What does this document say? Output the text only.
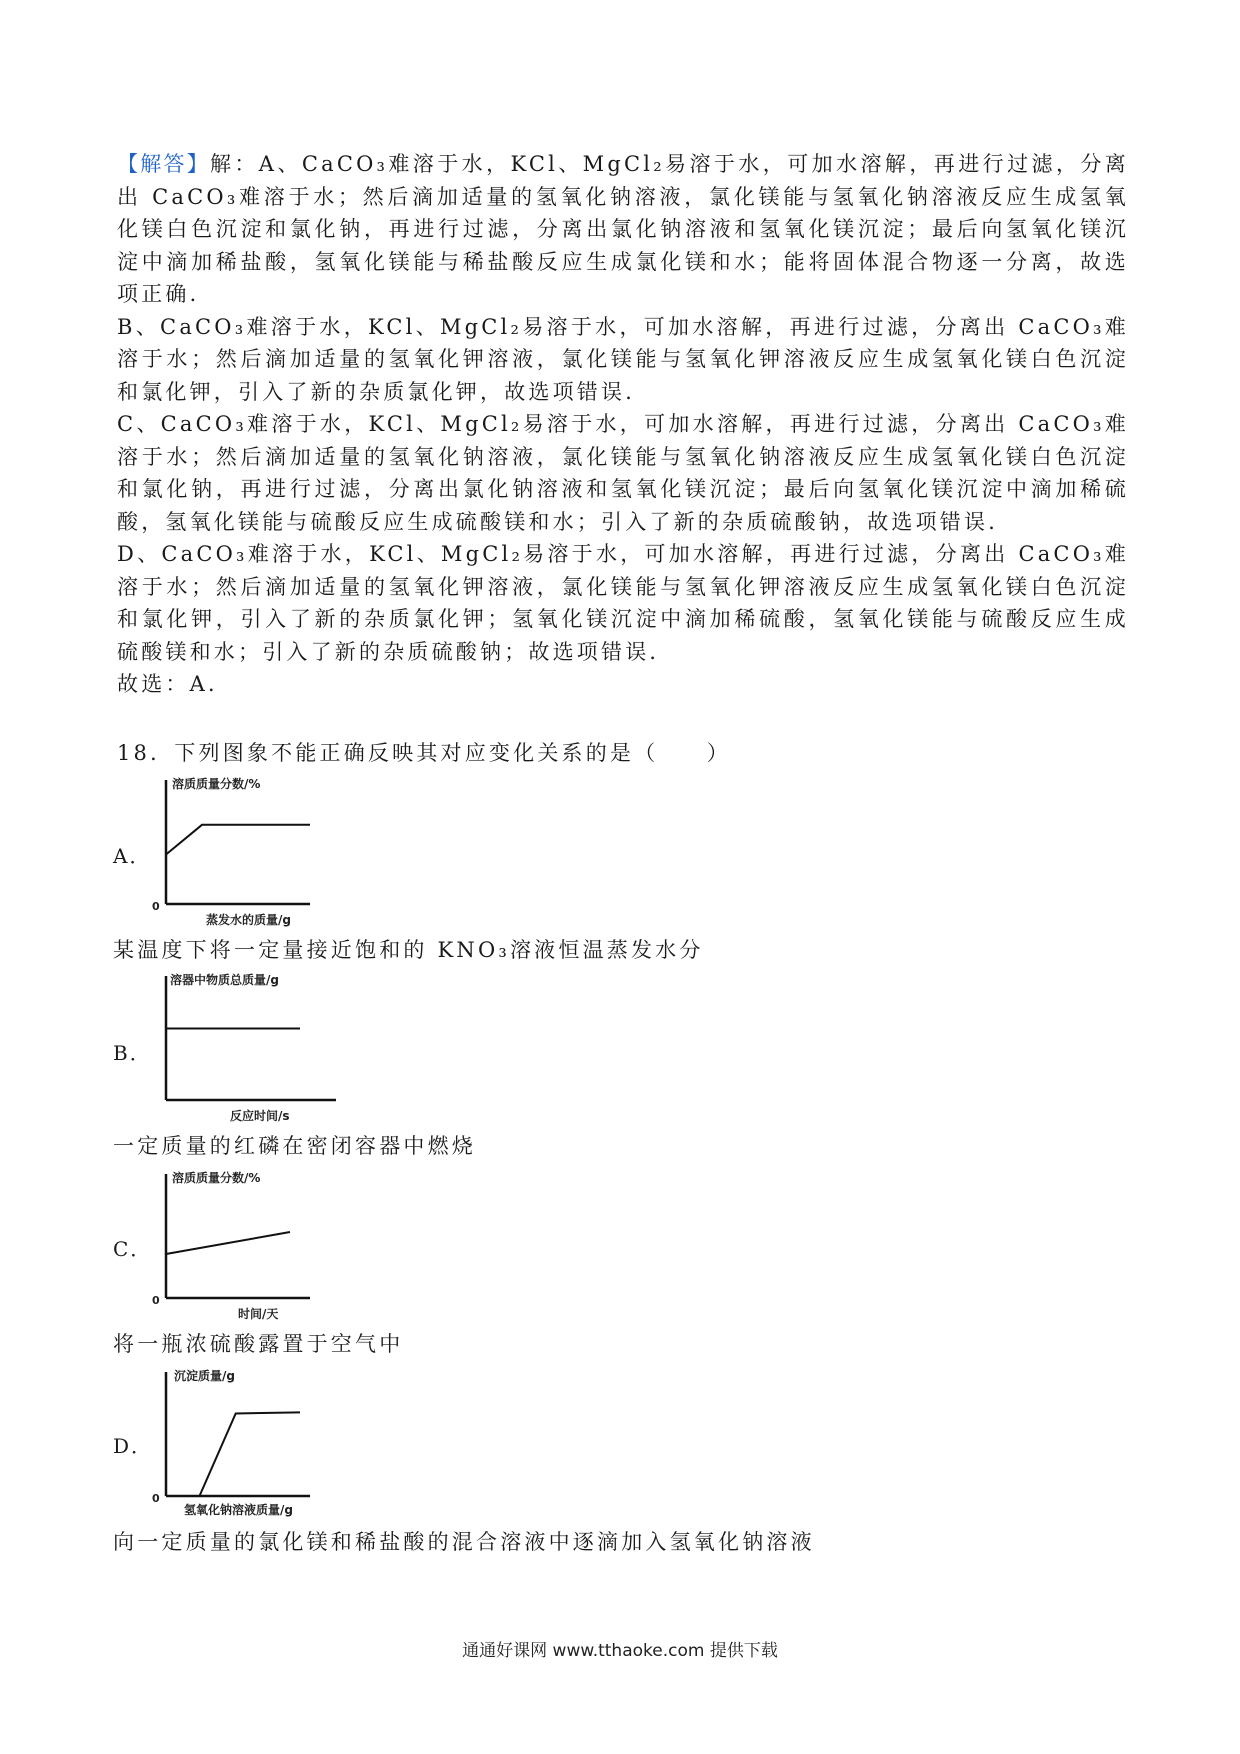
【解答】解：A、CaCO₃难溶于水，KCl、MgCl₂易溶于水，可加水溶解，再进行过滤，分离出 CaCO₃难溶于水；然后滴加适量的氢氧化钠溶液，氯化镁能与氢氧化钠溶液反应生成氢氧化镁白色沉淀和氯化钠，再进行过滤，分离出氯化钠溶液和氢氧化镁沉淀；最后向氢氧化镁沉淀中滴加稀盐酸，氢氧化镁能与稀盐酸反应生成氯化镁和水；能将固体混合物逐一分离，故选项正确．

B、CaCO₃难溶于水，KCl、MgCl₂易溶于水，可加水溶解，再进行过滤，分离出 CaCO₃难溶于水；然后滴加适量的氢氧化钾溶液，氯化镁能与氢氧化钾溶液反应生成氢氧化镁白色沉淀和氯化钾，引入了新的杂质氯化钾，故选项错误．

C、CaCO₃难溶于水，KCl、MgCl₂易溶于水，可加水溶解，再进行过滤，分离出 CaCO₃难溶于水；然后滴加适量的氢氧化钠溶液，氯化镁能与氢氧化钠溶液反应生成氢氧化镁白色沉淀和氯化钠，再进行过滤，分离出氯化钠溶液和氢氧化镁沉淀；最后向氢氧化镁沉淀中滴加稀硫酸，氢氧化镁能与硫酸反应生成硫酸镁和水；引入了新的杂质硫酸钠，故选项错误．

D、CaCO₃难溶于水，KCl、MgCl₂易溶于水，可加水溶解，再进行过滤，分离出 CaCO₃难溶于水；然后滴加适量的氢氧化钾溶液，氯化镁能与氢氧化钾溶液反应生成氢氧化镁白色沉淀和氯化钾，引入了新的杂质氯化钾；氢氧化镁沉淀中滴加稀硫酸，氢氧化镁能与硫酸反应生成硫酸镁和水；引入了新的杂质硫酸钠；故选项错误．

故选：A．

18．下列图象不能正确反映其对应变化关系的是（　　）

A．
溶质质量分数/%
蒸发水的质量/g
0

某温度下将一定量接近饱和的 KNO₃溶液恒温蒸发水分

B．
溶器中物质总质量/g
反应时间/s

一定质量的红磷在密闭容器中燃烧

C．
溶质质量分数/%
时间/天
0

将一瓶浓硫酸露置于空气中

D．
沉淀质量/g
氢氧化钠溶液质量/g
0

向一定质量的氯化镁和稀盐酸的混合溶液中逐滴加入氢氧化钠溶液

通通好课网 www.tthaoke.com 提供下载
